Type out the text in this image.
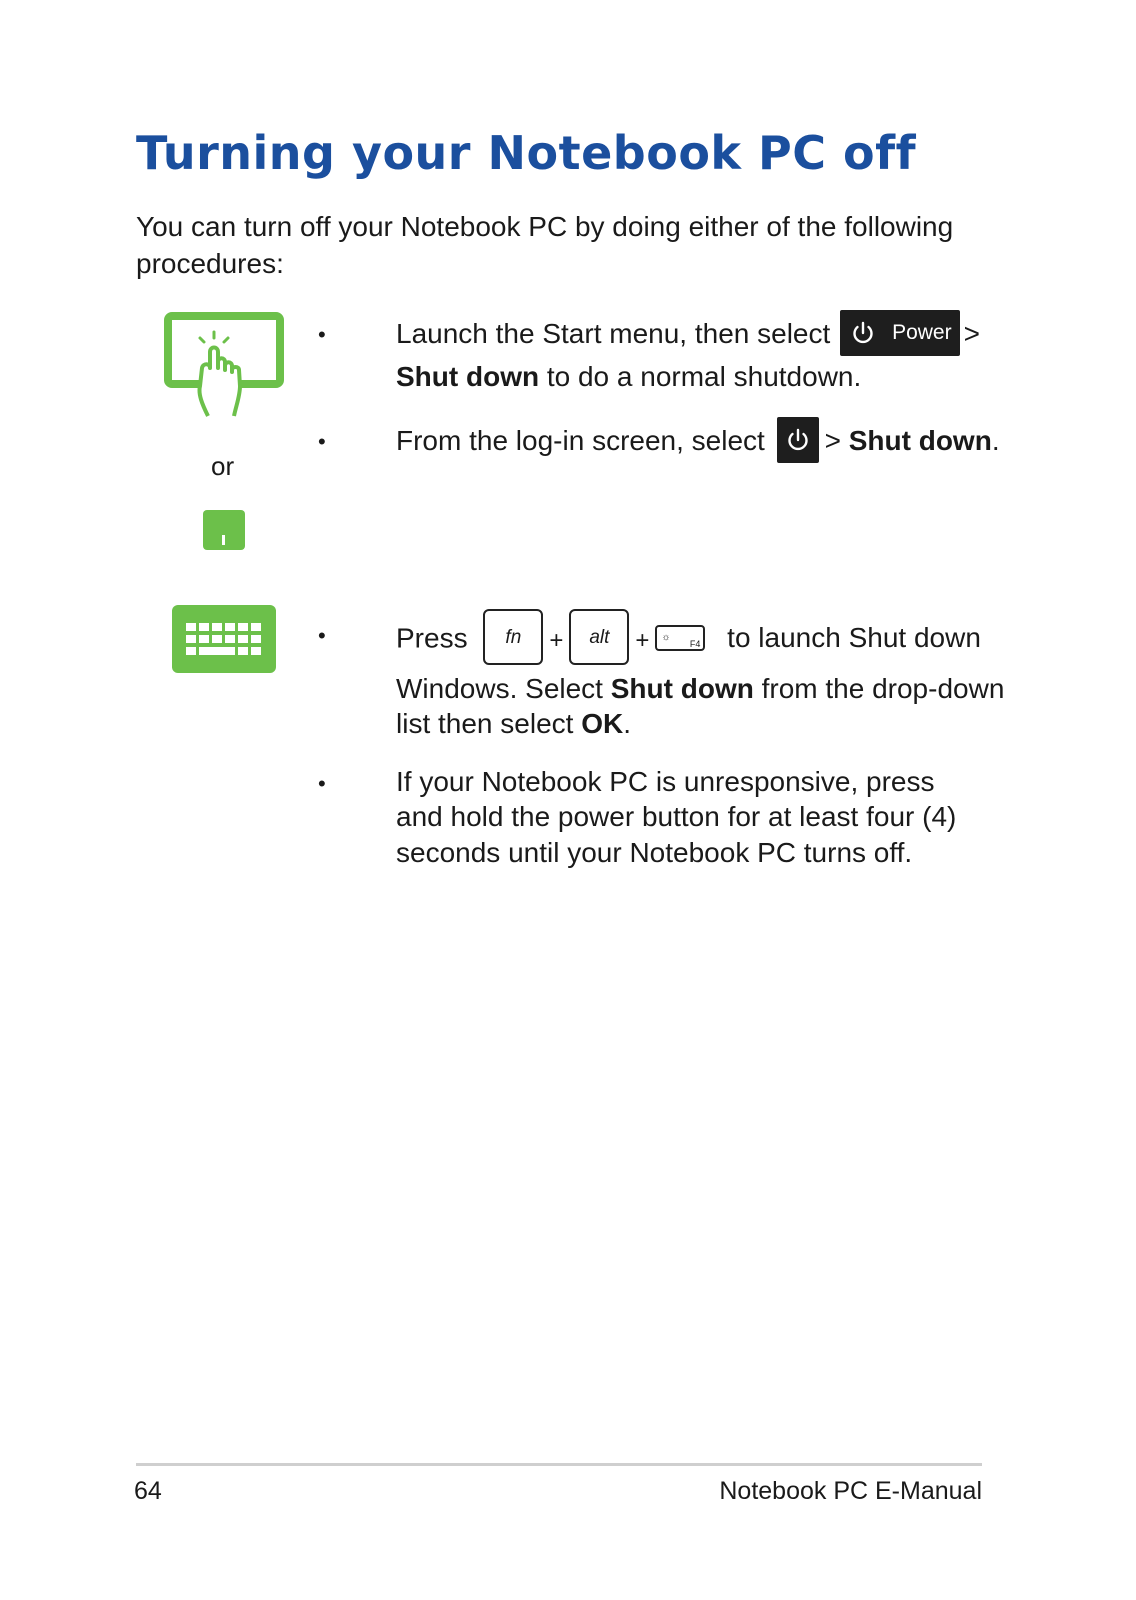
Turning your Notebook PC off

You can turn off your Notebook PC by doing either of the following procedures:

or
•	Launch the Start menu, then select	Power >
Shut down to do a normal shutdown.
•	From the log-in screen, select > Shut down.
•	Press fn + alt + ☼
F4 to launch Shut down
Windows. Select Shut down from the drop-down
list then select OK.
•	If your Notebook PC is unresponsive, press
and hold the power button for at least four (4)
seconds until your Notebook PC turns off.
64	Notebook PC E-Manual
